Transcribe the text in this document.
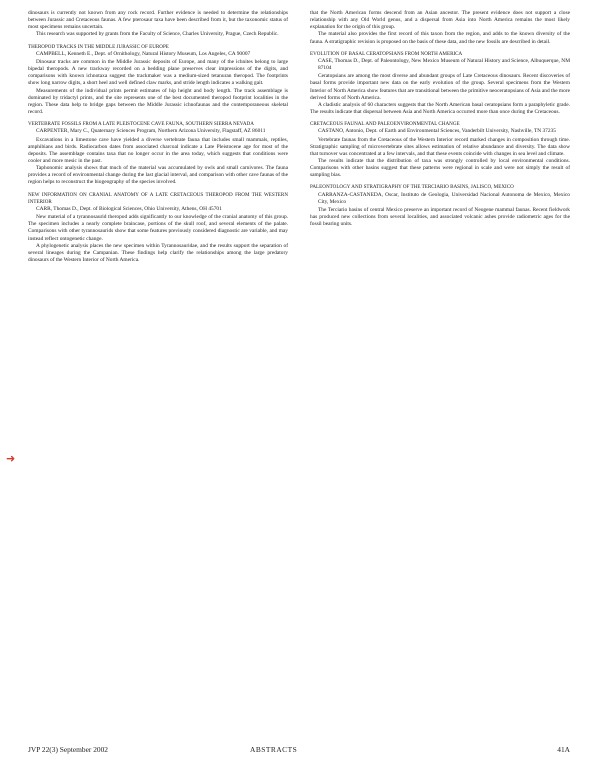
dinosaurs is currently not known from any rock record. Further evidence is needed to determine the relationships between Jurassic and Cretaceous faunas. A few pterosaur taxa have been described from it, but the taxonomic status of most specimens remains uncertain.

This research was supported by grants from the Faculty of Science, Charles University, Prague, Czech Republic.

THEROPOD TRACKS IN THE MIDDLE JURASSIC OF EUROPE

CAMPBELL, Kenneth E., Dept. of Ornithology, Natural History Museum, Los Angeles, CA 90007

Dinosaur tracks are common in the Middle Jurassic deposits of Europe, and many of the ichnites belong to large bipedal theropods. A new trackway recorded on a bedding plane preserves clear impressions of the digits, and comparisons with known ichnotaxa suggest the trackmaker was a medium-sized tetanuran theropod. The footprints show long narrow digits, a short heel and well defined claw marks, and stride length indicates a walking gait.

Measurements of the individual prints permit estimates of hip height and body length. The track assemblage is dominated by tridactyl prints, and the site represents one of the best documented theropod footprint localities in the region. These data help to bridge gaps between the Middle Jurassic ichnofaunas and the contemporaneous skeletal record.

VERTEBRATE FOSSILS FROM A LATE PLEISTOCENE CAVE FAUNA, SOUTHERN SIERRA NEVADA

CARPENTER, Mary C., Quaternary Sciences Program, Northern Arizona University, Flagstaff, AZ 86011

Excavations in a limestone cave have yielded a diverse vertebrate fauna that includes small mammals, reptiles, amphibians and birds. Radiocarbon dates from associated charcoal indicate a Late Pleistocene age for most of the deposits. The assemblage contains taxa that no longer occur in the area today, which suggests that conditions were cooler and more mesic in the past.

Taphonomic analysis shows that much of the material was accumulated by owls and small carnivores. The fauna provides a record of environmental change during the last glacial interval, and comparison with other cave faunas of the region helps to reconstruct the biogeography of the species involved.

NEW INFORMATION ON CRANIAL ANATOMY OF A LATE CRETACEOUS THEROPOD FROM THE WESTERN INTERIOR

CARR, Thomas D., Dept. of Biological Sciences, Ohio University, Athens, OH 45701

New material of a tyrannosaurid theropod adds significantly to our knowledge of the cranial anatomy of this group. The specimen includes a nearly complete braincase, portions of the skull roof, and several elements of the palate. Comparisons with other tyrannosaurids show that some features previously considered diagnostic are variable, and may instead reflect ontogenetic change.

A phylogenetic analysis places the new specimen within Tyrannosauridae, and the results support the separation of several lineages during the Campanian. These findings help clarify the relationships among the large predatory dinosaurs of the Western Interior of North America.

that the North American forms descend from an Asian ancestor. The present evidence does not support a close relationship with any Old World genus, and a dispersal from Asia into North America remains the most likely explanation for the origin of this group.

The material also provides the first record of this taxon from the region, and adds to the known diversity of the fauna. A stratigraphic revision is proposed on the basis of these data, and the new fossils are described in detail.

EVOLUTION OF BASAL CERATOPSIANS FROM NORTH AMERICA

CASE, Thomas D., Dept. of Paleontology, New Mexico Museum of Natural History and Science, Albuquerque, NM 87104

Ceratopsians are among the most diverse and abundant groups of Late Cretaceous dinosaurs. Recent discoveries of basal forms provide important new data on the early evolution of the group. Several specimens from the Western Interior of North America show features that are transitional between the primitive neoceratopsians of Asia and the more derived forms of North America.

A cladistic analysis of 60 characters suggests that the North American basal ceratopsians form a paraphyletic grade. The results indicate that dispersal between Asia and North America occurred more than once during the Cretaceous.

CRETACEOUS FAUNAL AND PALEOENVIRONMENTAL CHANGE

CASTANO, Antonio, Dept. of Earth and Environmental Sciences, Vanderbilt University, Nashville, TN 37235

Vertebrate faunas from the Cretaceous of the Western Interior record marked changes in composition through time. Stratigraphic sampling of microvertebrate sites allows estimation of relative abundance and diversity. The data show that turnover was concentrated at a few intervals, and that these events coincide with changes in sea level and climate.

The results indicate that the distribution of taxa was strongly controlled by local environmental conditions. Comparisons with other basins suggest that these patterns were regional in scale and were not simply the result of sampling bias.

PALEONTOLOGY AND STRATIGRAPHY OF THE TERCIARIO BASINS, JALISCO, MEXICO

CARRANZA-CASTANEDA, Oscar, Instituto de Geologia, Universidad Nacional Autonoma de Mexico, Mexico City, Mexico

The Terciario basins of central Mexico preserve an important record of Neogene mammal faunas. Recent fieldwork has produced new collections from several localities, and associated volcanic ashes provide radiometric ages for the fossil bearing units.

➜
JVP 22(3) September 2002	ABSTRACTS	41A
